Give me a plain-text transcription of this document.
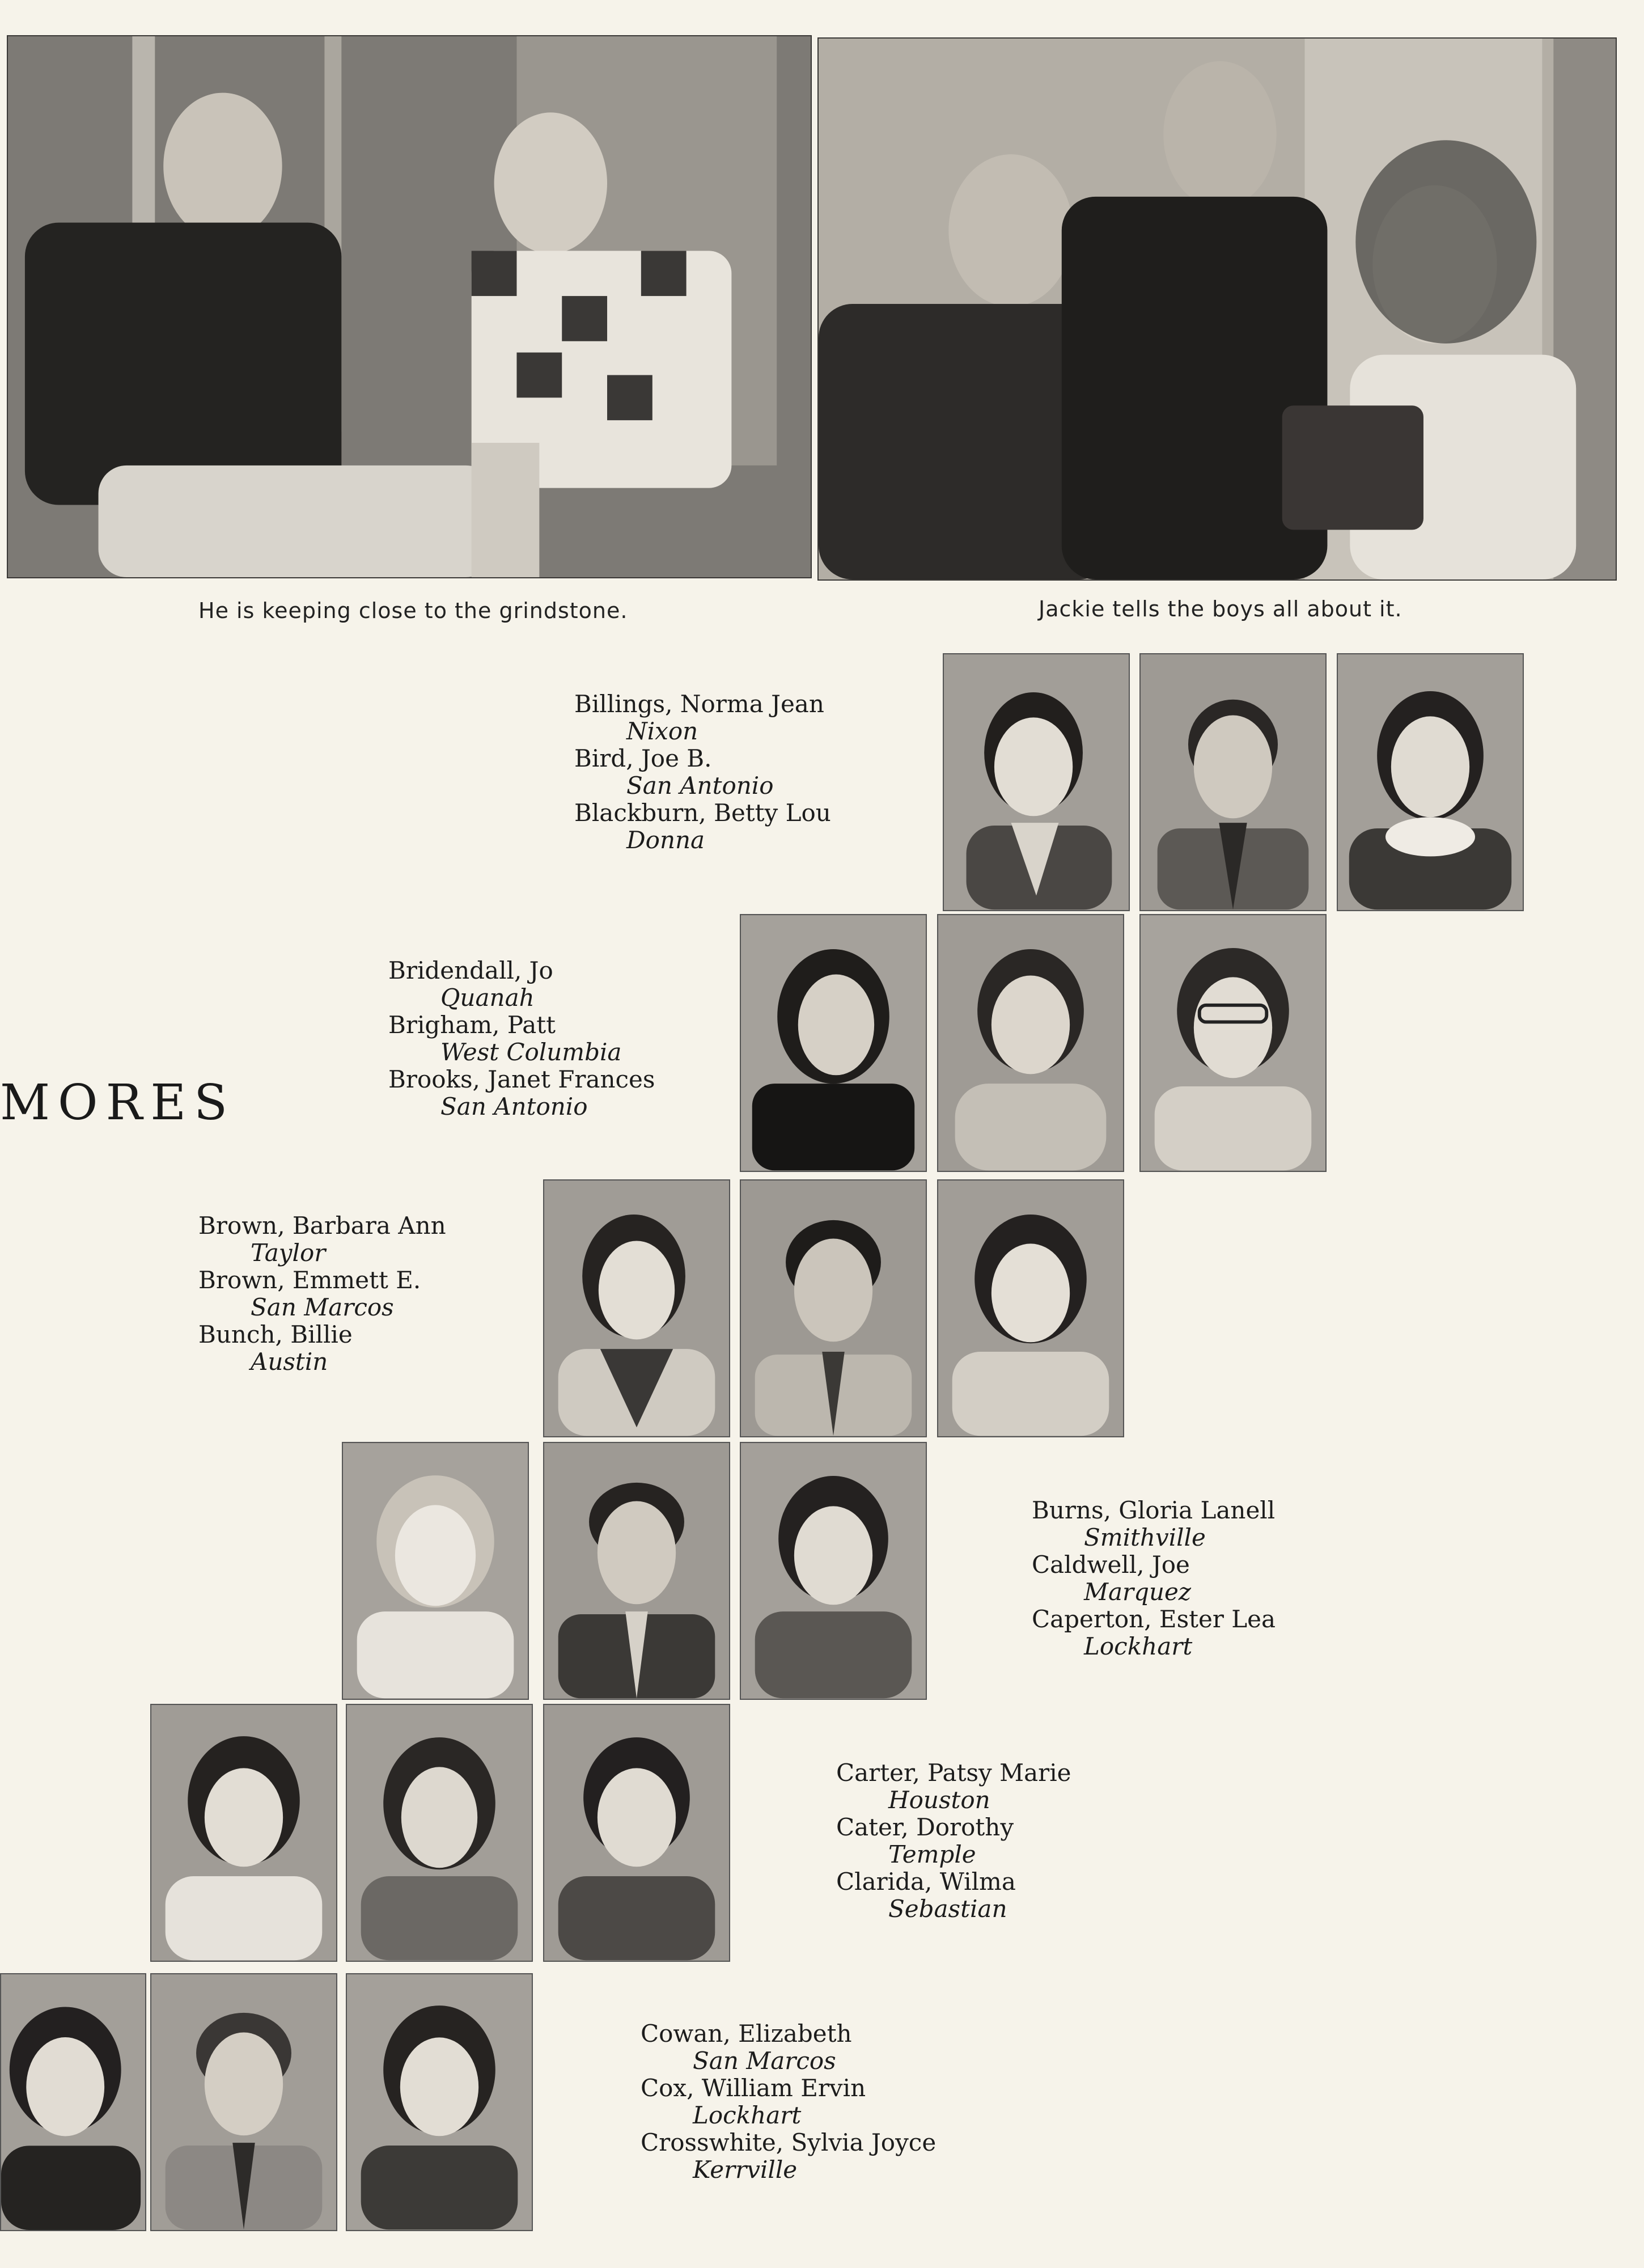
He is keeping close to the grindstone.	Jackie tells the boys all about it.
MORES
Billings, Norma Jean
Nixon
Bird, Joe B.
San Antonio
Blackburn, Betty Lou
Donna
Bridendall, Jo
Quanah
Brigham, Patt
West Columbia
Brooks, Janet Frances
San Antonio
Brown, Barbara Ann
Taylor
Brown, Emmett E.
San Marcos
Bunch, Billie
Austin
Burns, Gloria Lanell
Smithville
Caldwell, Joe
Marquez
Caperton, Ester Lea
Lockhart
Carter, Patsy Marie
Houston
Cater, Dorothy
Temple
Clarida, Wilma
Sebastian
Cowan, Elizabeth
San Marcos
Cox, William Ervin
Lockhart
Crosswhite, Sylvia Joyce
Kerrville
